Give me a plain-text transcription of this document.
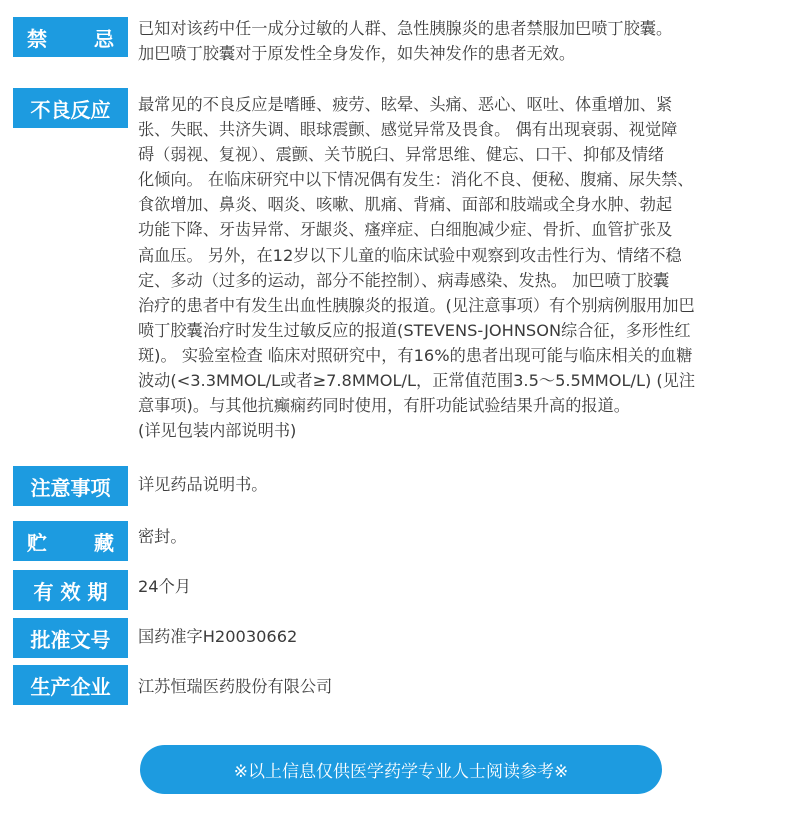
禁 忌 已知对该药中任一成分过敏的人群、急性胰腺炎的患者禁服加巴喷丁胶囊。
加巴喷丁胶囊对于原发性全身发作，如失神发作的患者无效。
不良反应 最常见的不良反应是嗜睡、疲劳、眩晕、头痛、恶心、呕吐、体重增加、紧
张、失眠、共济失调、眼球震颤、感觉异常及畏食。 偶有出现衰弱、视觉障
碍（弱视、复视）、震颤、关节脱臼、异常思维、健忘、口干、抑郁及情绪
化倾向。 在临床研究中以下情况偶有发生：消化不良、便秘、腹痛、尿失禁、
食欲增加、鼻炎、咽炎、咳嗽、肌痛、背痛、面部和肢端或全身水肿、勃起
功能下降、牙齿异常、牙龈炎、瘙痒症、白细胞减少症、骨折、血管扩张及
高血压。 另外，在12岁以下儿童的临床试验中观察到攻击性行为、情绪不稳
定、多动（过多的运动，部分不能控制）、病毒感染、发热。 加巴喷丁胶囊
治疗的患者中有发生出血性胰腺炎的报道。(见注意事项）有个别病例服用加巴
喷丁胶囊治疗时发生过敏反应的报道(STEVENS-JOHNSON综合征，多形性红
斑)。 实验室检查 临床对照研究中，有16%的患者出现可能与临床相关的血糖
波动(<3.3MMOL/L或者≥7.8MMOL/L，正常值范围3.5～5.5MMOL/L) (见注
意事项)。与其他抗癫痫药同时使用，有肝功能试验结果升高的报道。
(详见包装内部说明书)
注意事项 详见药品说明书。
贮 藏 密封。
有 效 期 24个月
批准文号 国药准字H20030662
生产企业 江苏恒瑞医药股份有限公司
※以上信息仅供医学药学专业人士阅读参考※
